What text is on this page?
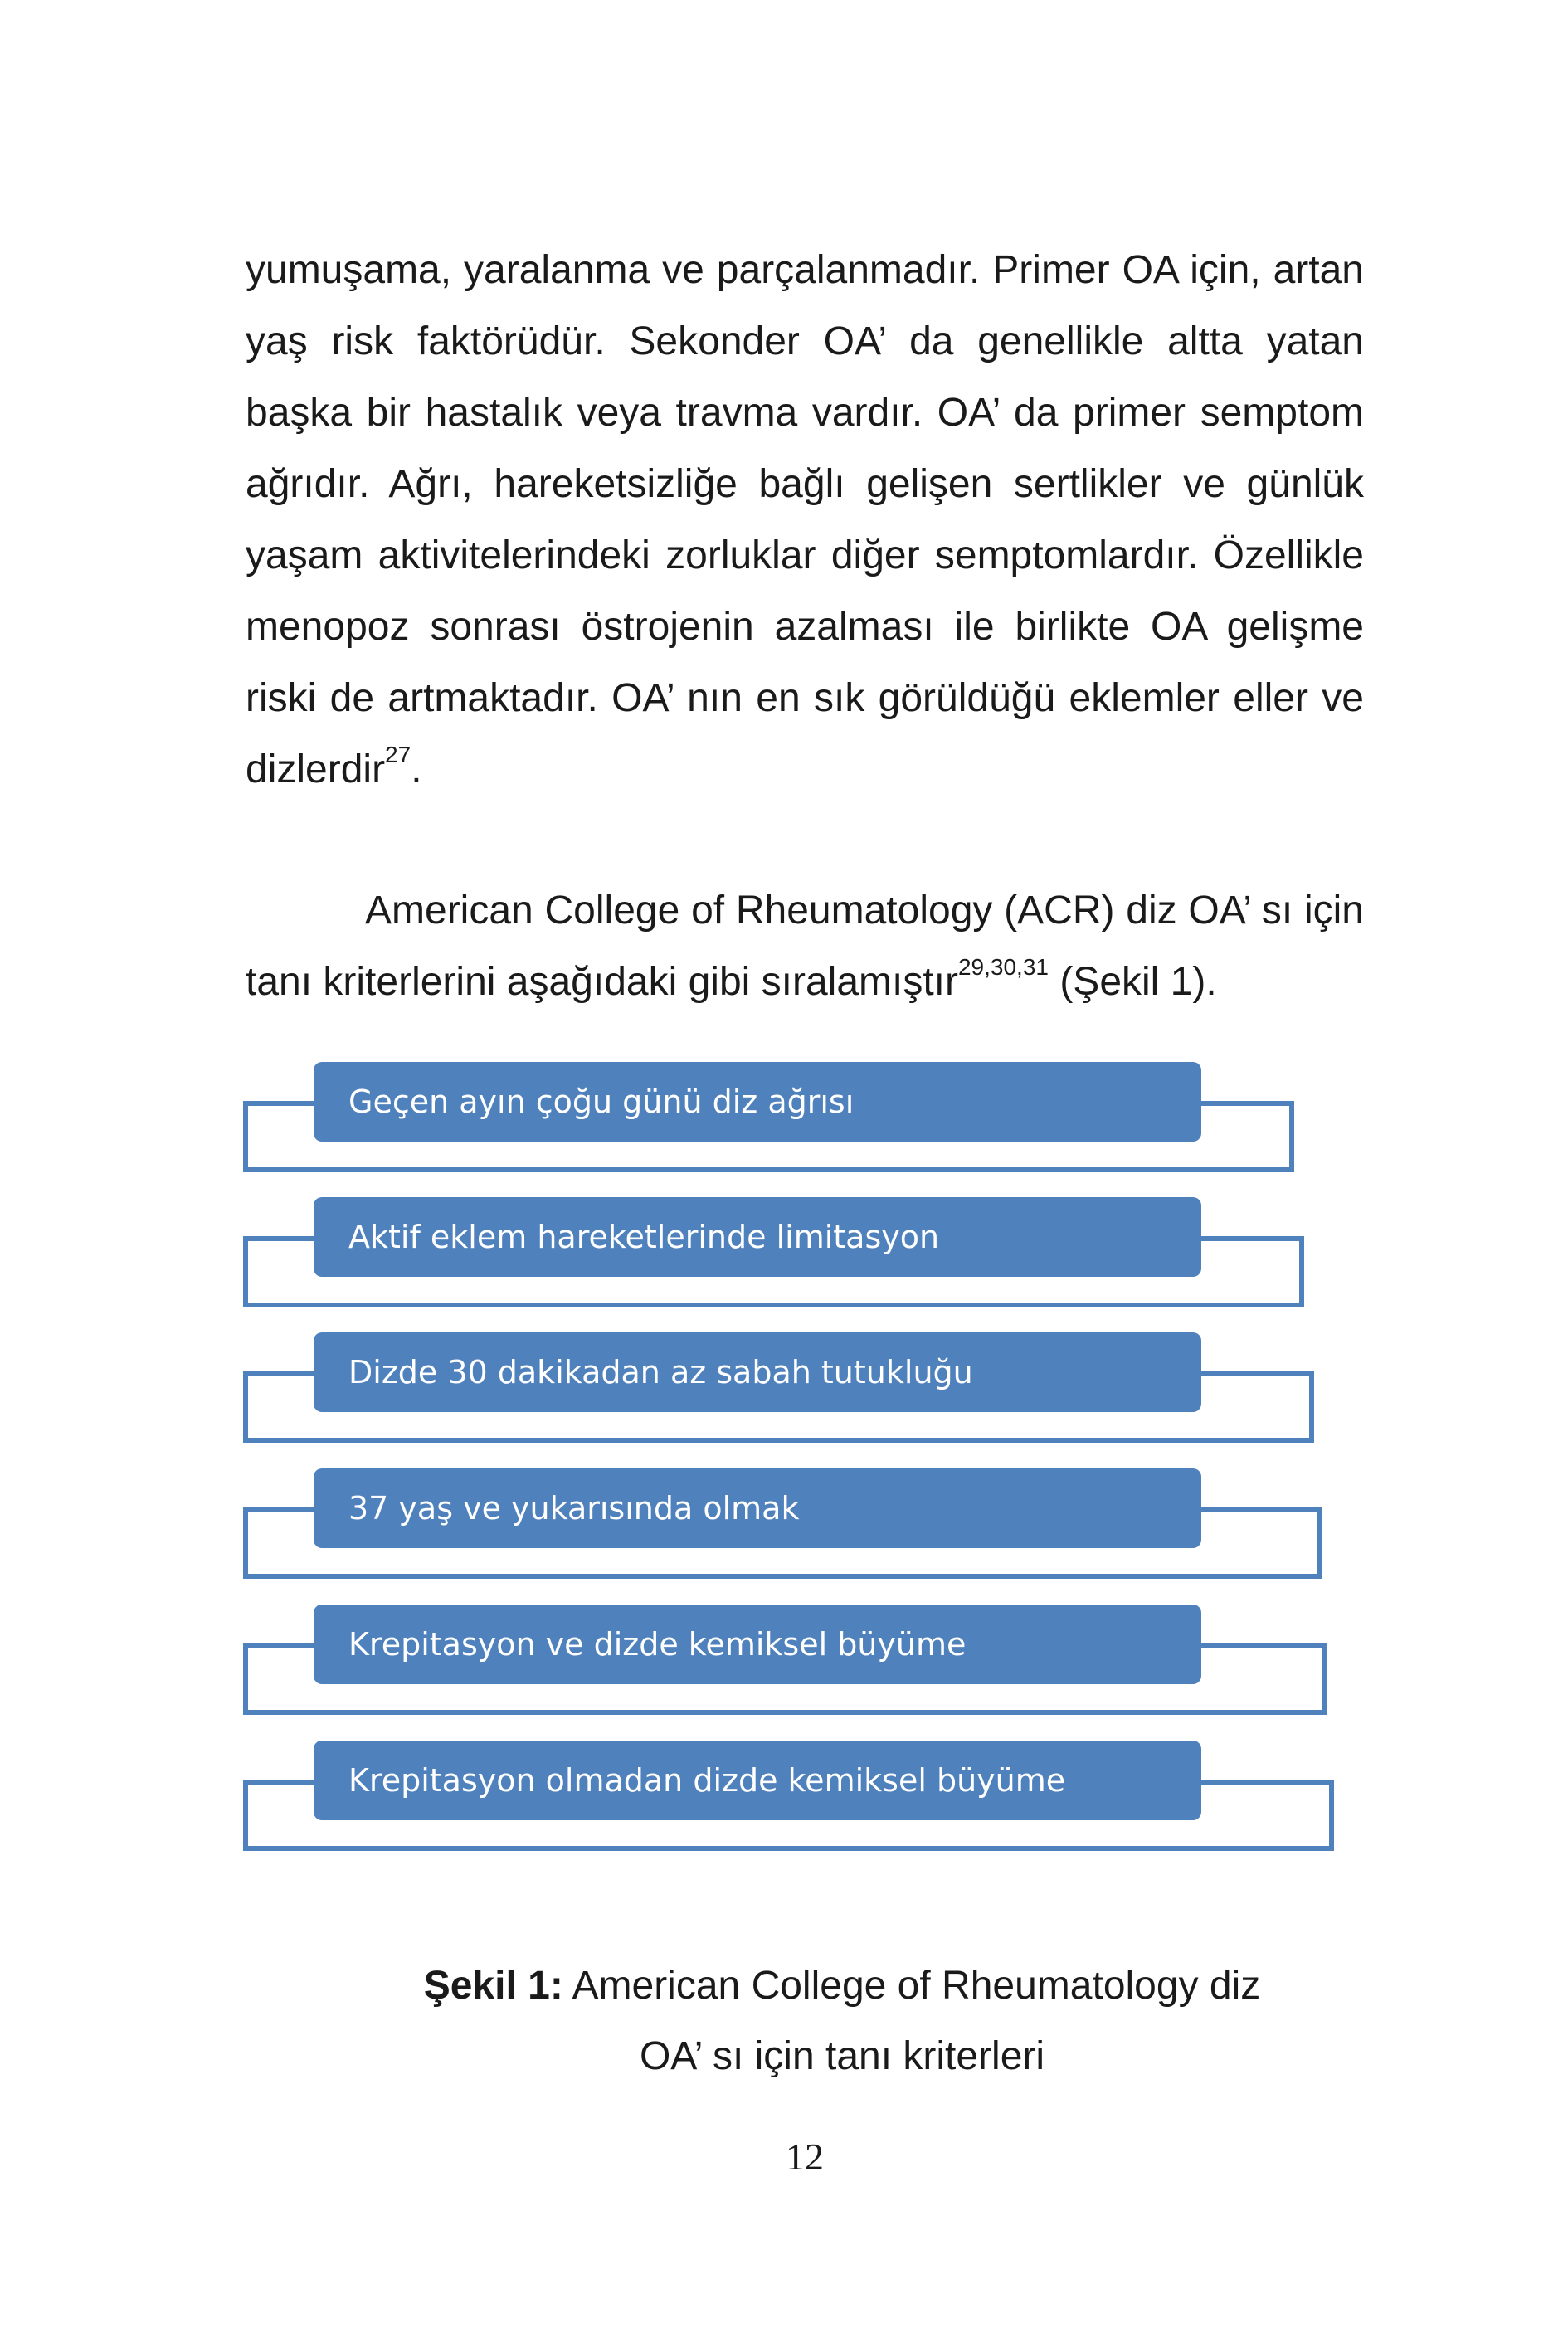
yumuşama, yaralanma ve parçalanmadır. Primer OA için, artan yaş risk faktörüdür. Sekonder OA’ da genellikle altta yatan başka bir hastalık veya travma vardır. OA’ da primer semptom ağrıdır. Ağrı, hareketsizliğe bağlı gelişen sertlikler ve günlük yaşam aktivitelerindeki zorluklar diğer semptomlardır. Özellikle menopoz sonrası östrojenin azalması ile birlikte OA gelişme riski de artmaktadır. OA’ nın en sık görüldüğü eklemler eller ve dizlerdir$^{27}$.

American College of Rheumatology (ACR) diz OA’ sı için tanı kriterlerini aşağıdaki gibi sıralamıştır$^{29,30,31}$ (Şekil 1).

Geçen ayın çoğu günü diz ağrısı
Aktif eklem hareketlerinde limitasyon
Dizde 30 dakikadan az sabah tutukluğu
37 yaş ve yukarısında olmak
Krepitasyon ve dizde kemiksel büyüme
Krepitasyon olmadan dizde kemiksel büyüme

Şekil 1: American College of Rheumatology diz

OA’ sı için tanı kriterleri

12
